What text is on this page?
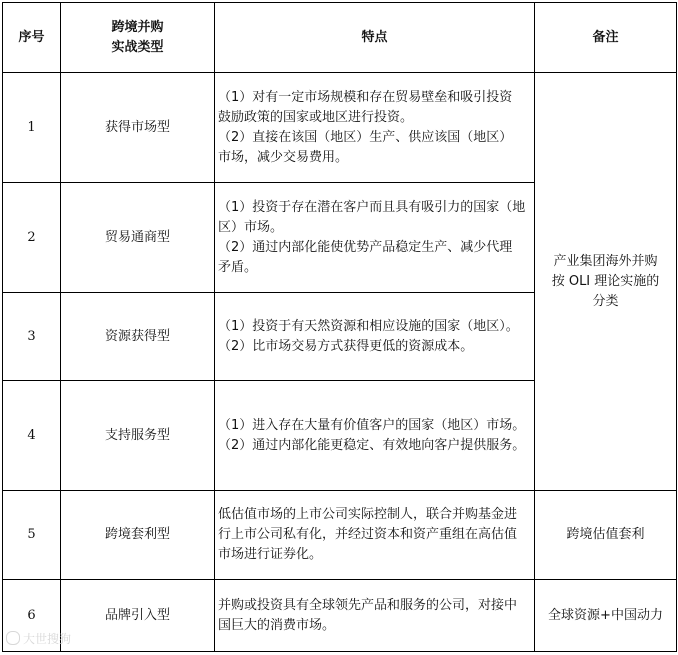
序号	跨境并购
实战类型	特点	备注
1	获得市场型	（1）对有一定市场规模和存在贸易壁垒和吸引投资
鼓励政策的国家或地区进行投资。
（2）直接在该国（地区）生产、供应该国（地区）
市场，减少交易费用。	产业集团海外并购
按 OLI 理论实施的
分类

2	贸易通商型	（1）投资于存在潜在客户而且具有吸引力的国家（地
区）市场。
（2）通过内部化能使优势产品稳定生产、减少代理
矛盾。	

3	资源获得型	（1）投资于有天然资源和相应设施的国家（地区）。
（2）比市场交易方式获得更低的资源成本。	

4	支持服务型	（1）进入存在大量有价值客户的国家（地区）市场。
（2）通过内部化能更稳定、有效地向客户提供服务。	

5	跨境套利型	低估值市场的上市公司实际控制人，联合并购基金进
行上市公司私有化，并经过资本和资产重组在高估值
市场进行证券化。	跨境估值套利
6	品牌引入型	并购或投资具有全球领先产品和服务的公司，对接中
国巨大的消费市场。	全球资源+中国动力
大世搜狗
